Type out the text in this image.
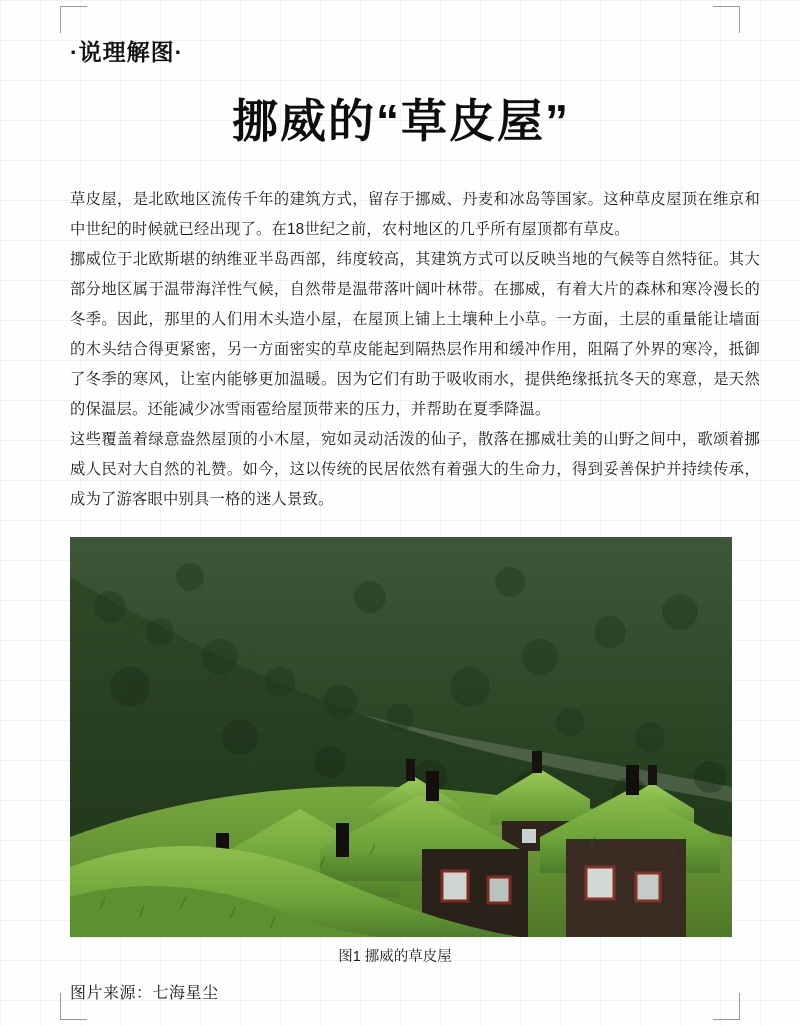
·说理解图·
挪威的“草皮屋”

草皮屋，是北欧地区流传千年的建筑方式，留存于挪威、丹麦和冰岛等国家。这种草皮屋顶在维京和中世纪的时候就已经出现了。在18世纪之前，农村地区的几乎所有屋顶都有草皮。

挪威位于北欧斯堪的纳维亚半岛西部，纬度较高，其建筑方式可以反映当地的气候等自然特征。其大部分地区属于温带海洋性气候，自然带是温带落叶阔叶林带。在挪威，有着大片的森林和寒冷漫长的冬季。因此，那里的人们用木头造小屋，在屋顶上铺上土壤种上小草。一方面，土层的重量能让墙面的木头结合得更紧密，另一方面密实的草皮能起到隔热层作用和缓冲作用，阻隔了外界的寒冷，抵御了冬季的寒风，让室内能够更加温暖。因为它们有助于吸收雨水，提供绝缘抵抗冬天的寒意，是天然的保温层。还能减少冰雪雨雹给屋顶带来的压力，并帮助在夏季降温。

这些覆盖着绿意盎然屋顶的小木屋，宛如灵动活泼的仙子，散落在挪威壮美的山野之间中，歌颂着挪威人民对大自然的礼赞。如今，这以传统的民居依然有着强大的生命力，得到妥善保护并持续传承，成为了游客眼中别具一格的迷人景致。

图1 挪威的草皮屋
图片来源：七海星尘
